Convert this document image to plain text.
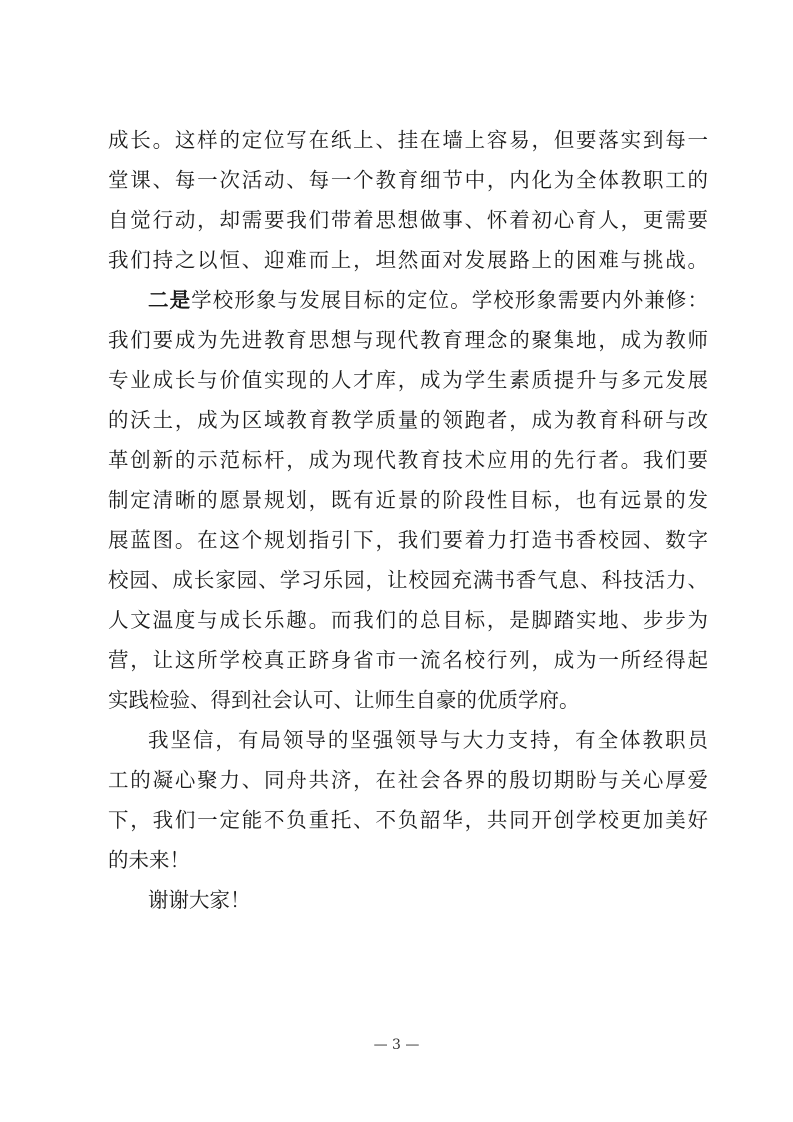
成长。这样的定位写在纸上、挂在墙上容易，但要落实到每一
堂课、每一次活动、每一个教育细节中，内化为全体教职工的
自觉行动，却需要我们带着思想做事、怀着初心育人，更需要
我们持之以恒、迎难而上，坦然面对发展路上的困难与挑战。
二是学校形象与发展目标的定位。学校形象需要内外兼修：
我们要成为先进教育思想与现代教育理念的聚集地，成为教师
专业成长与价值实现的人才库，成为学生素质提升与多元发展
的沃土，成为区域教育教学质量的领跑者，成为教育科研与改
革创新的示范标杆，成为现代教育技术应用的先行者。我们要
制定清晰的愿景规划，既有近景的阶段性目标，也有远景的发
展蓝图。在这个规划指引下，我们要着力打造书香校园、数字
校园、成长家园、学习乐园，让校园充满书香气息、科技活力、
人文温度与成长乐趣。而我们的总目标，是脚踏实地、步步为
营，让这所学校真正跻身省市一流名校行列，成为一所经得起
实践检验、得到社会认可、让师生自豪的优质学府。
我坚信，有局领导的坚强领导与大力支持，有全体教职员
工的凝心聚力、同舟共济，在社会各界的殷切期盼与关心厚爱
下，我们一定能不负重托、不负韶华，共同开创学校更加美好
的未来！
谢谢大家！
— 3 —
